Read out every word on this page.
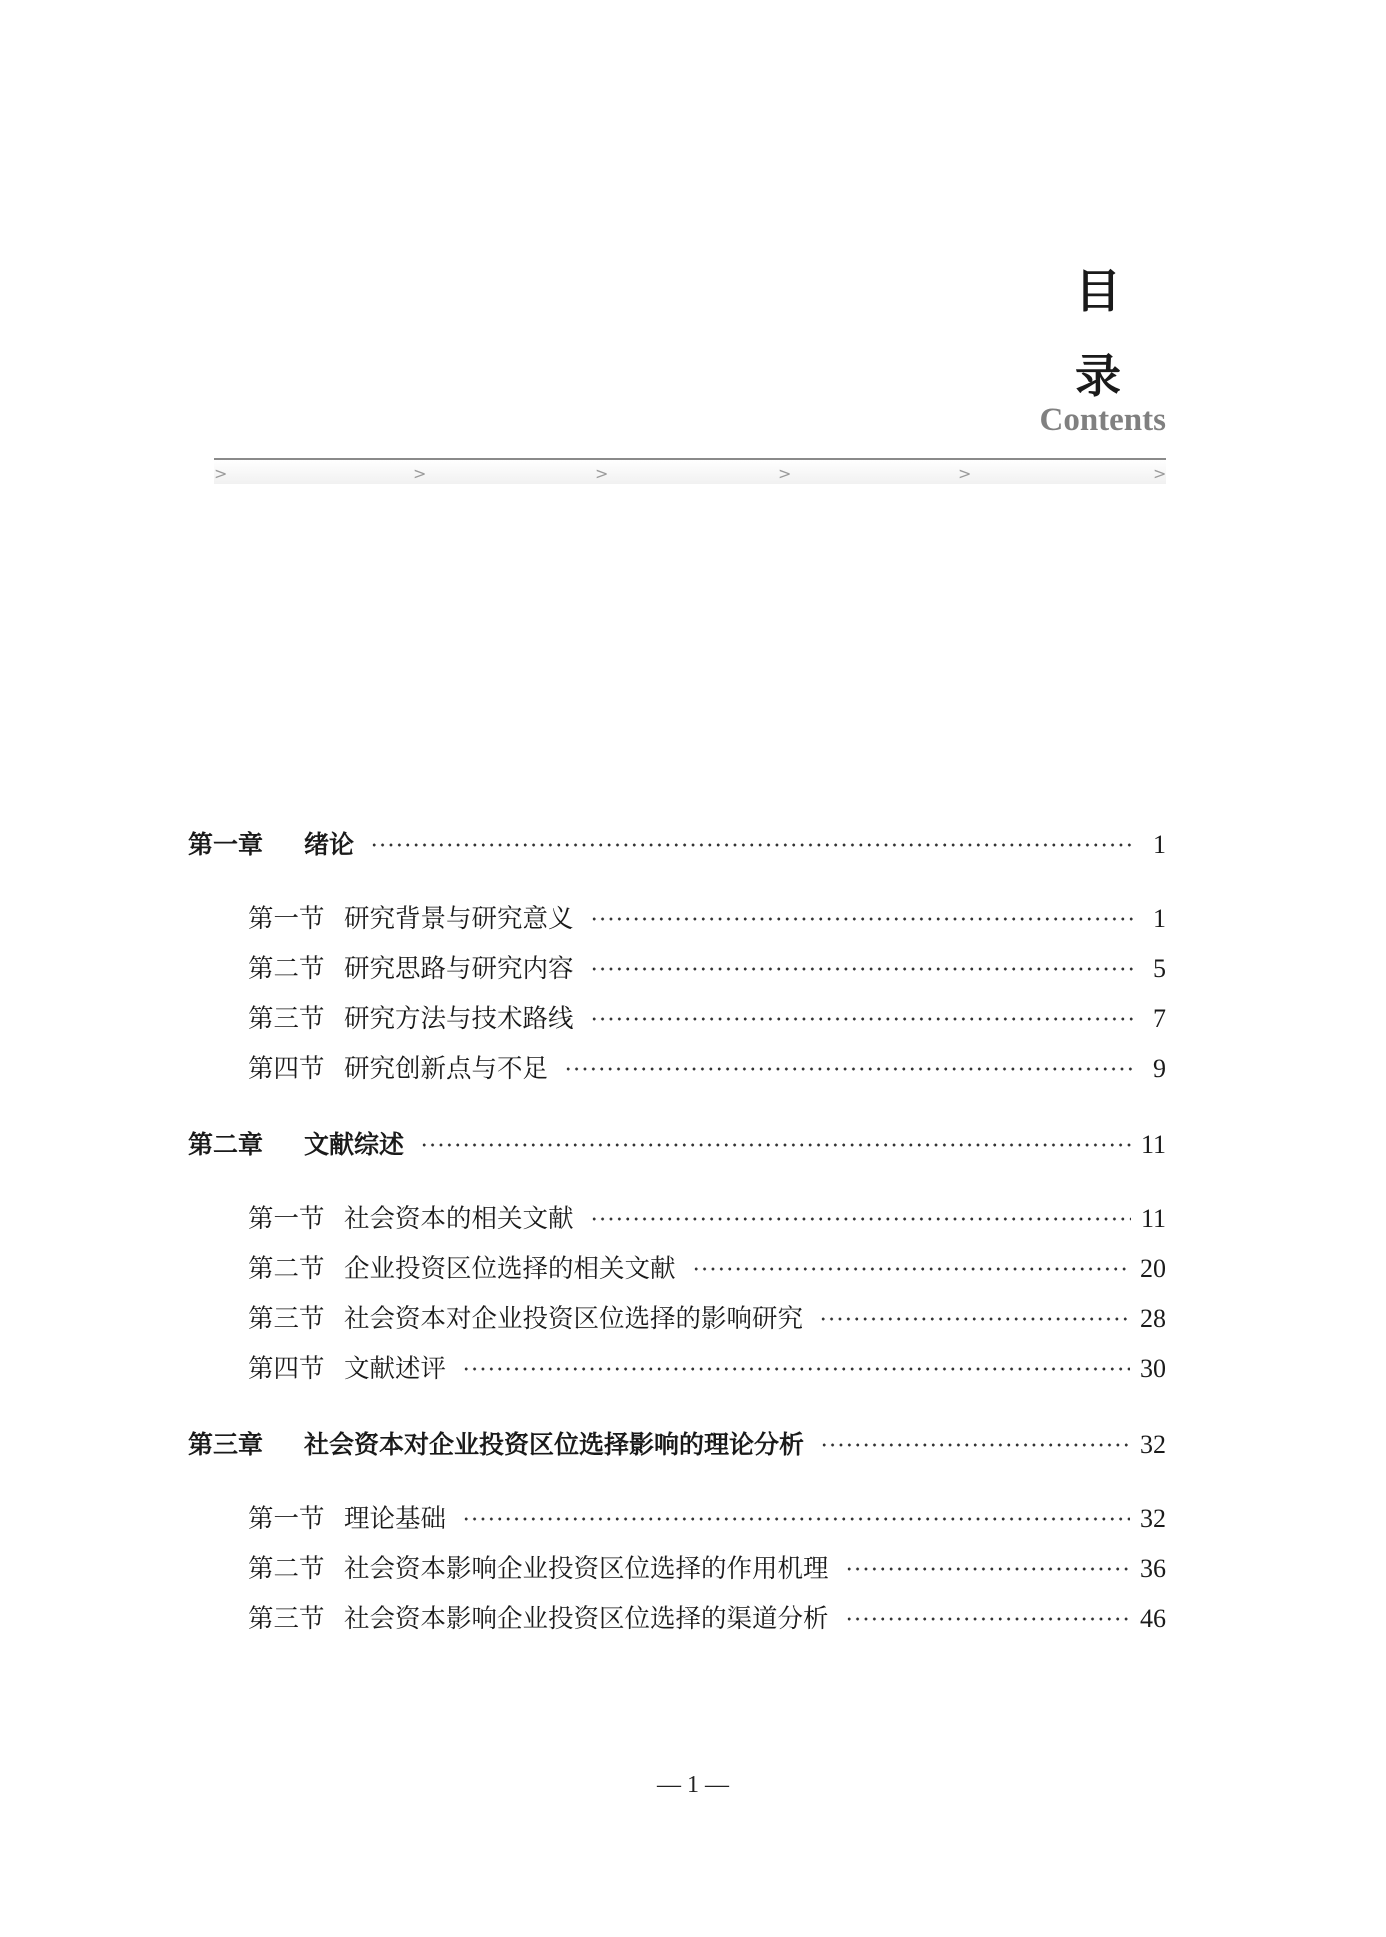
目
录
Contents
>	>	>	>	>	>
第一章	绪论	1
第一节 研究背景与研究意义	1
第二节 研究思路与研究内容	5
第三节 研究方法与技术路线	7
第四节 研究创新点与不足	9
第二章	文献综述	11
第一节 社会资本的相关文献	11
第二节 企业投资区位选择的相关文献	20
第三节 社会资本对企业投资区位选择的影响研究	28
第四节 文献述评	30
第三章	社会资本对企业投资区位选择影响的理论分析	32
第一节 理论基础	32
第二节 社会资本影响企业投资区位选择的作用机理	36
第三节 社会资本影响企业投资区位选择的渠道分析	46
— 1 —
